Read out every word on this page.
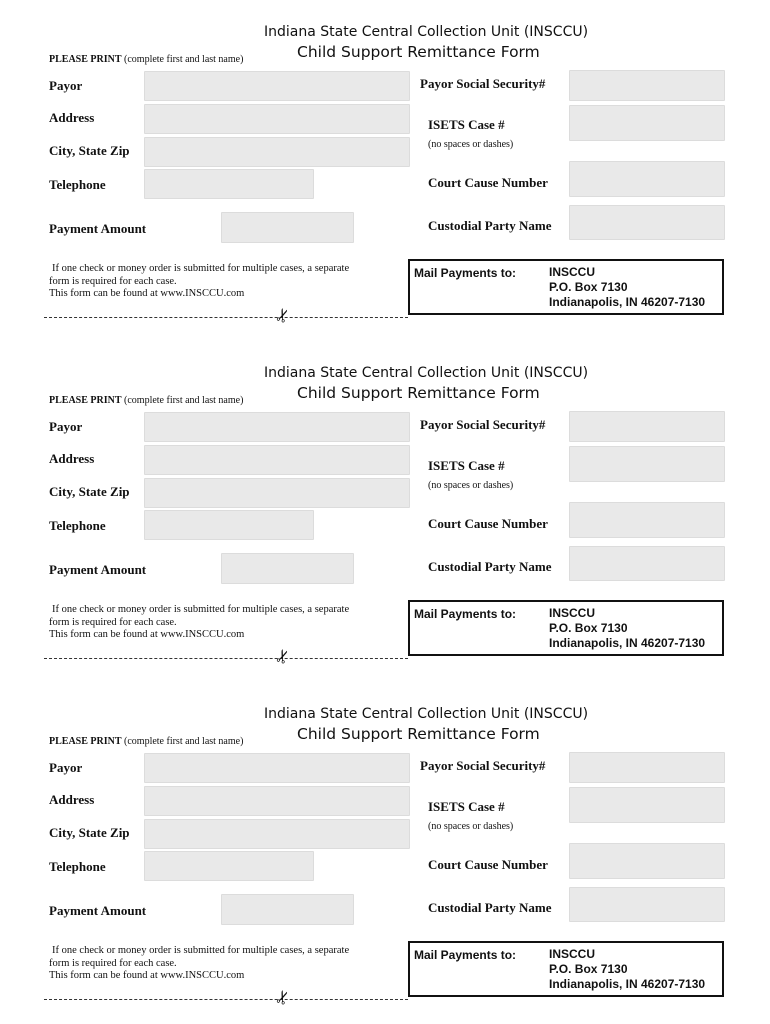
Indiana State Central Collection Unit (INSCCU)
Child Support Remittance Form
PLEASE PRINT (complete first and last name)
Payor
Address
City, State Zip
Telephone
Payment Amount
Payor Social Security#
ISETS Case #
(no spaces or dashes)
Court Cause Number
Custodial Party Name
If one check or money order is submitted for multiple cases, a separate
form is required for each case.
This form can be found at www.INSCCU.com
Mail Payments to:	INSCCU
P.O. Box 7130
Indianapolis, IN 46207-7130
✂
Indiana State Central Collection Unit (INSCCU)
Child Support Remittance Form
PLEASE PRINT (complete first and last name)
Payor
Address
City, State Zip
Telephone
Payment Amount
Payor Social Security#
ISETS Case #
(no spaces or dashes)
Court Cause Number
Custodial Party Name
If one check or money order is submitted for multiple cases, a separate
form is required for each case.
This form can be found at www.INSCCU.com
Mail Payments to:	INSCCU
P.O. Box 7130
Indianapolis, IN 46207-7130
✂
Indiana State Central Collection Unit (INSCCU)
Child Support Remittance Form
PLEASE PRINT (complete first and last name)
Payor
Address
City, State Zip
Telephone
Payment Amount
Payor Social Security#
ISETS Case #
(no spaces or dashes)
Court Cause Number
Custodial Party Name
If one check or money order is submitted for multiple cases, a separate
form is required for each case.
This form can be found at www.INSCCU.com
Mail Payments to:	INSCCU
P.O. Box 7130
Indianapolis, IN 46207-7130
✂
